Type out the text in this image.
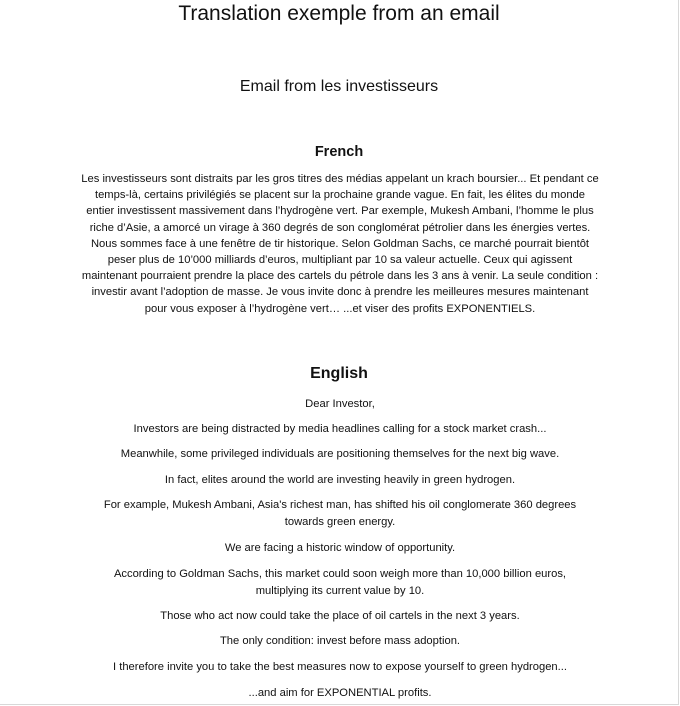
Translation exemple from an email
Email from les investisseurs
French

Les investisseurs sont distraits par les gros titres des médias appelant un krach boursier... Et pendant ce temps-là, certains privilégiés se placent sur la prochaine grande vague. En fait, les élites du monde entier investissent massivement dans l’hydrogène vert. Par exemple, Mukesh Ambani, l’homme le plus riche d’Asie, a amorcé un virage à 360 degrés de son conglomérat pétrolier dans les énergies vertes. Nous sommes face à une fenêtre de tir historique. Selon Goldman Sachs, ce marché pourrait bientôt peser plus de 10’000 milliards d’euros, multipliant par 10 sa valeur actuelle. Ceux qui agissent maintenant pourraient prendre la place des cartels du pétrole dans les 3 ans à venir. La seule condition : investir avant l’adoption de masse. Je vous invite donc à prendre les meilleures mesures maintenant pour vous exposer à l’hydrogène vert… ...et viser des profits EXPONENTIELS.

English

Dear Investor,

Investors are being distracted by media headlines calling for a stock market crash...

Meanwhile, some privileged individuals are positioning themselves for the next big wave.

In fact, elites around the world are investing heavily in green hydrogen.

For example, Mukesh Ambani, Asia's richest man, has shifted his oil conglomerate 360 degrees towards green energy.

We are facing a historic window of opportunity.

According to Goldman Sachs, this market could soon weigh more than 10,000 billion euros, multiplying its current value by 10.

Those who act now could take the place of oil cartels in the next 3 years.

The only condition: invest before mass adoption.

I therefore invite you to take the best measures now to expose yourself to green hydrogen...

...and aim for EXPONENTIAL profits.
